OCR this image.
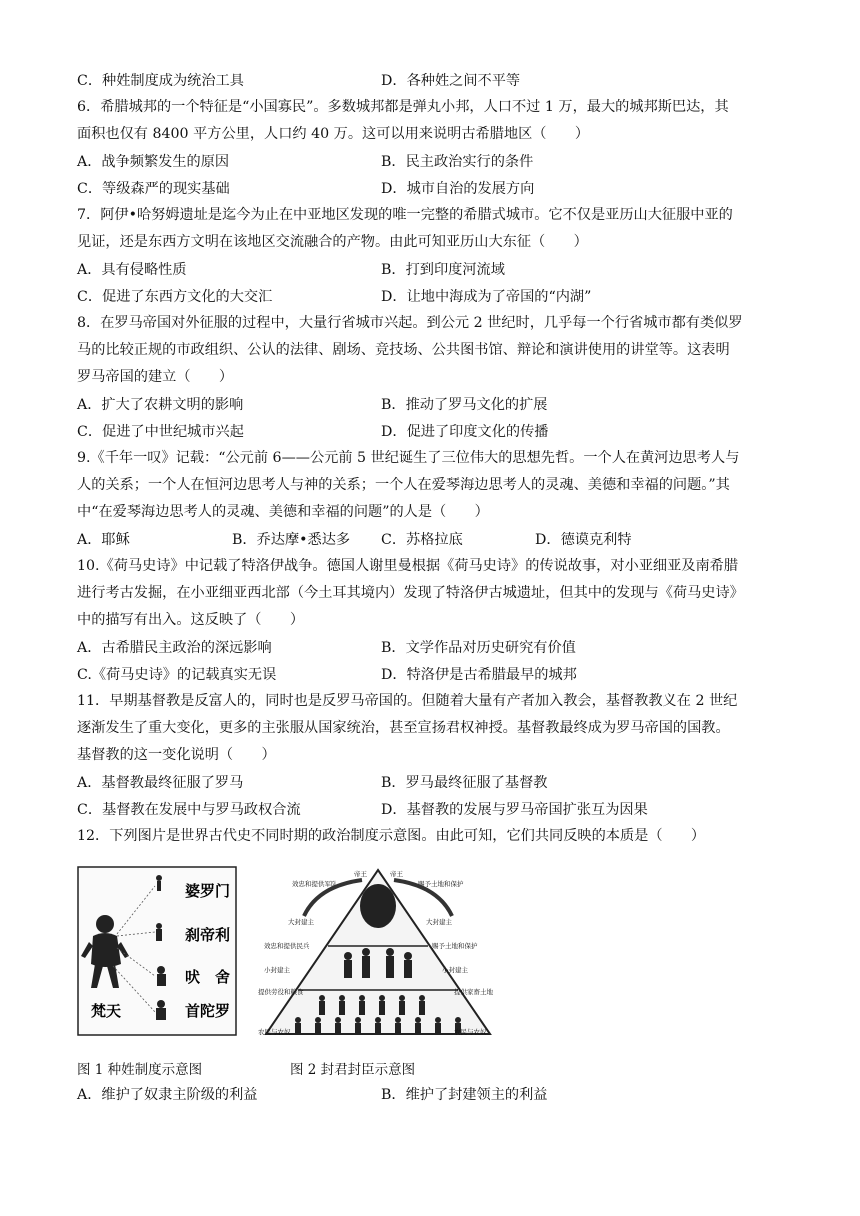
C．种姓制度成为统治工具	D．各种姓之间不平等
6．希腊城邦的一个特征是“小国寡民”。多数城邦都是弹丸小邦，人口不过 1 万，最大的城邦斯巴达，其
面积也仅有 8400 平方公里，人口约 40 万。这可以用来说明古希腊地区（　　）
A．战争频繁发生的原因	B．民主政治实行的条件
C．等级森严的现实基础	D．城市自治的发展方向
7．阿伊•哈努姆遗址是迄今为止在中亚地区发现的唯一完整的希腊式城市。它不仅是亚历山大征服中亚的
见证，还是东西方文明在该地区交流融合的产物。由此可知亚历山大东征（　　）
A．具有侵略性质	B．打到印度河流域
C．促进了东西方文化的大交汇	D．让地中海成为了帝国的“内湖”
8．在罗马帝国对外征服的过程中，大量行省城市兴起。到公元 2 世纪时，几乎每一个行省城市都有类似罗
马的比较正规的市政组织、公认的法律、剧场、竞技场、公共图书馆、辩论和演讲使用的讲堂等。这表明
罗马帝国的建立（　　）
A．扩大了农耕文明的影响	B．推动了罗马文化的扩展
C．促进了中世纪城市兴起	D．促进了印度文化的传播
9.《千年一叹》记载：“公元前 6——公元前 5 世纪诞生了三位伟大的思想先哲。一个人在黄河边思考人与
人的关系；一个人在恒河边思考人与神的关系；一个人在爱琴海边思考人的灵魂、美德和幸福的问题。”其
中“在爱琴海边思考人的灵魂、美德和幸福的问题”的人是（　　）
A．耶稣	B．乔达摩•悉达多 C．苏格拉底	D．德谟克利特
10.《荷马史诗》中记载了特洛伊战争。德国人谢里曼根据《荷马史诗》的传说故事，对小亚细亚及南希腊
进行考古发掘，在小亚细亚西北部（今土耳其境内）发现了特洛伊古城遗址，但其中的发现与《荷马史诗》
中的描写有出入。这反映了（　　）
A．古希腊民主政治的深远影响	B．文学作品对历史研究有价值
C.《荷马史诗》的记载真实无误	D．特洛伊是古希腊最早的城邦
11．早期基督教是反富人的，同时也是反罗马帝国的。但随着大量有产者加入教会，基督教教义在 2 世纪
逐渐发生了重大变化，更多的主张服从国家统治，甚至宣扬君权神授。基督教最终成为罗马帝国的国教。
基督教的这一变化说明（　　）
A．基督教最终征服了罗马	B．罗马最终征服了基督教
C．基督教在发展中与罗马政权合流	D．基督教的发展与罗马帝国扩张互为因果
12．下列图片是世界古代史不同时期的政治制度示意图。由此可知，它们共同反映的本质是（　　）
婆罗门
刹帝利
吠　舍
首陀罗
梵天
帝王	帝王
效忠和提供军队	赐予土地和保护
大封建主	大封建主
效忠和提供民兵	赐予土地和保护
小封建主	小封建主
提供劳役和粮食	提供家畜土地
农民与农奴	农民与农奴
图 1 种姓制度示意图	图 2 封君封臣示意图
A．维护了奴隶主阶级的利益	B．维护了封建领主的利益
